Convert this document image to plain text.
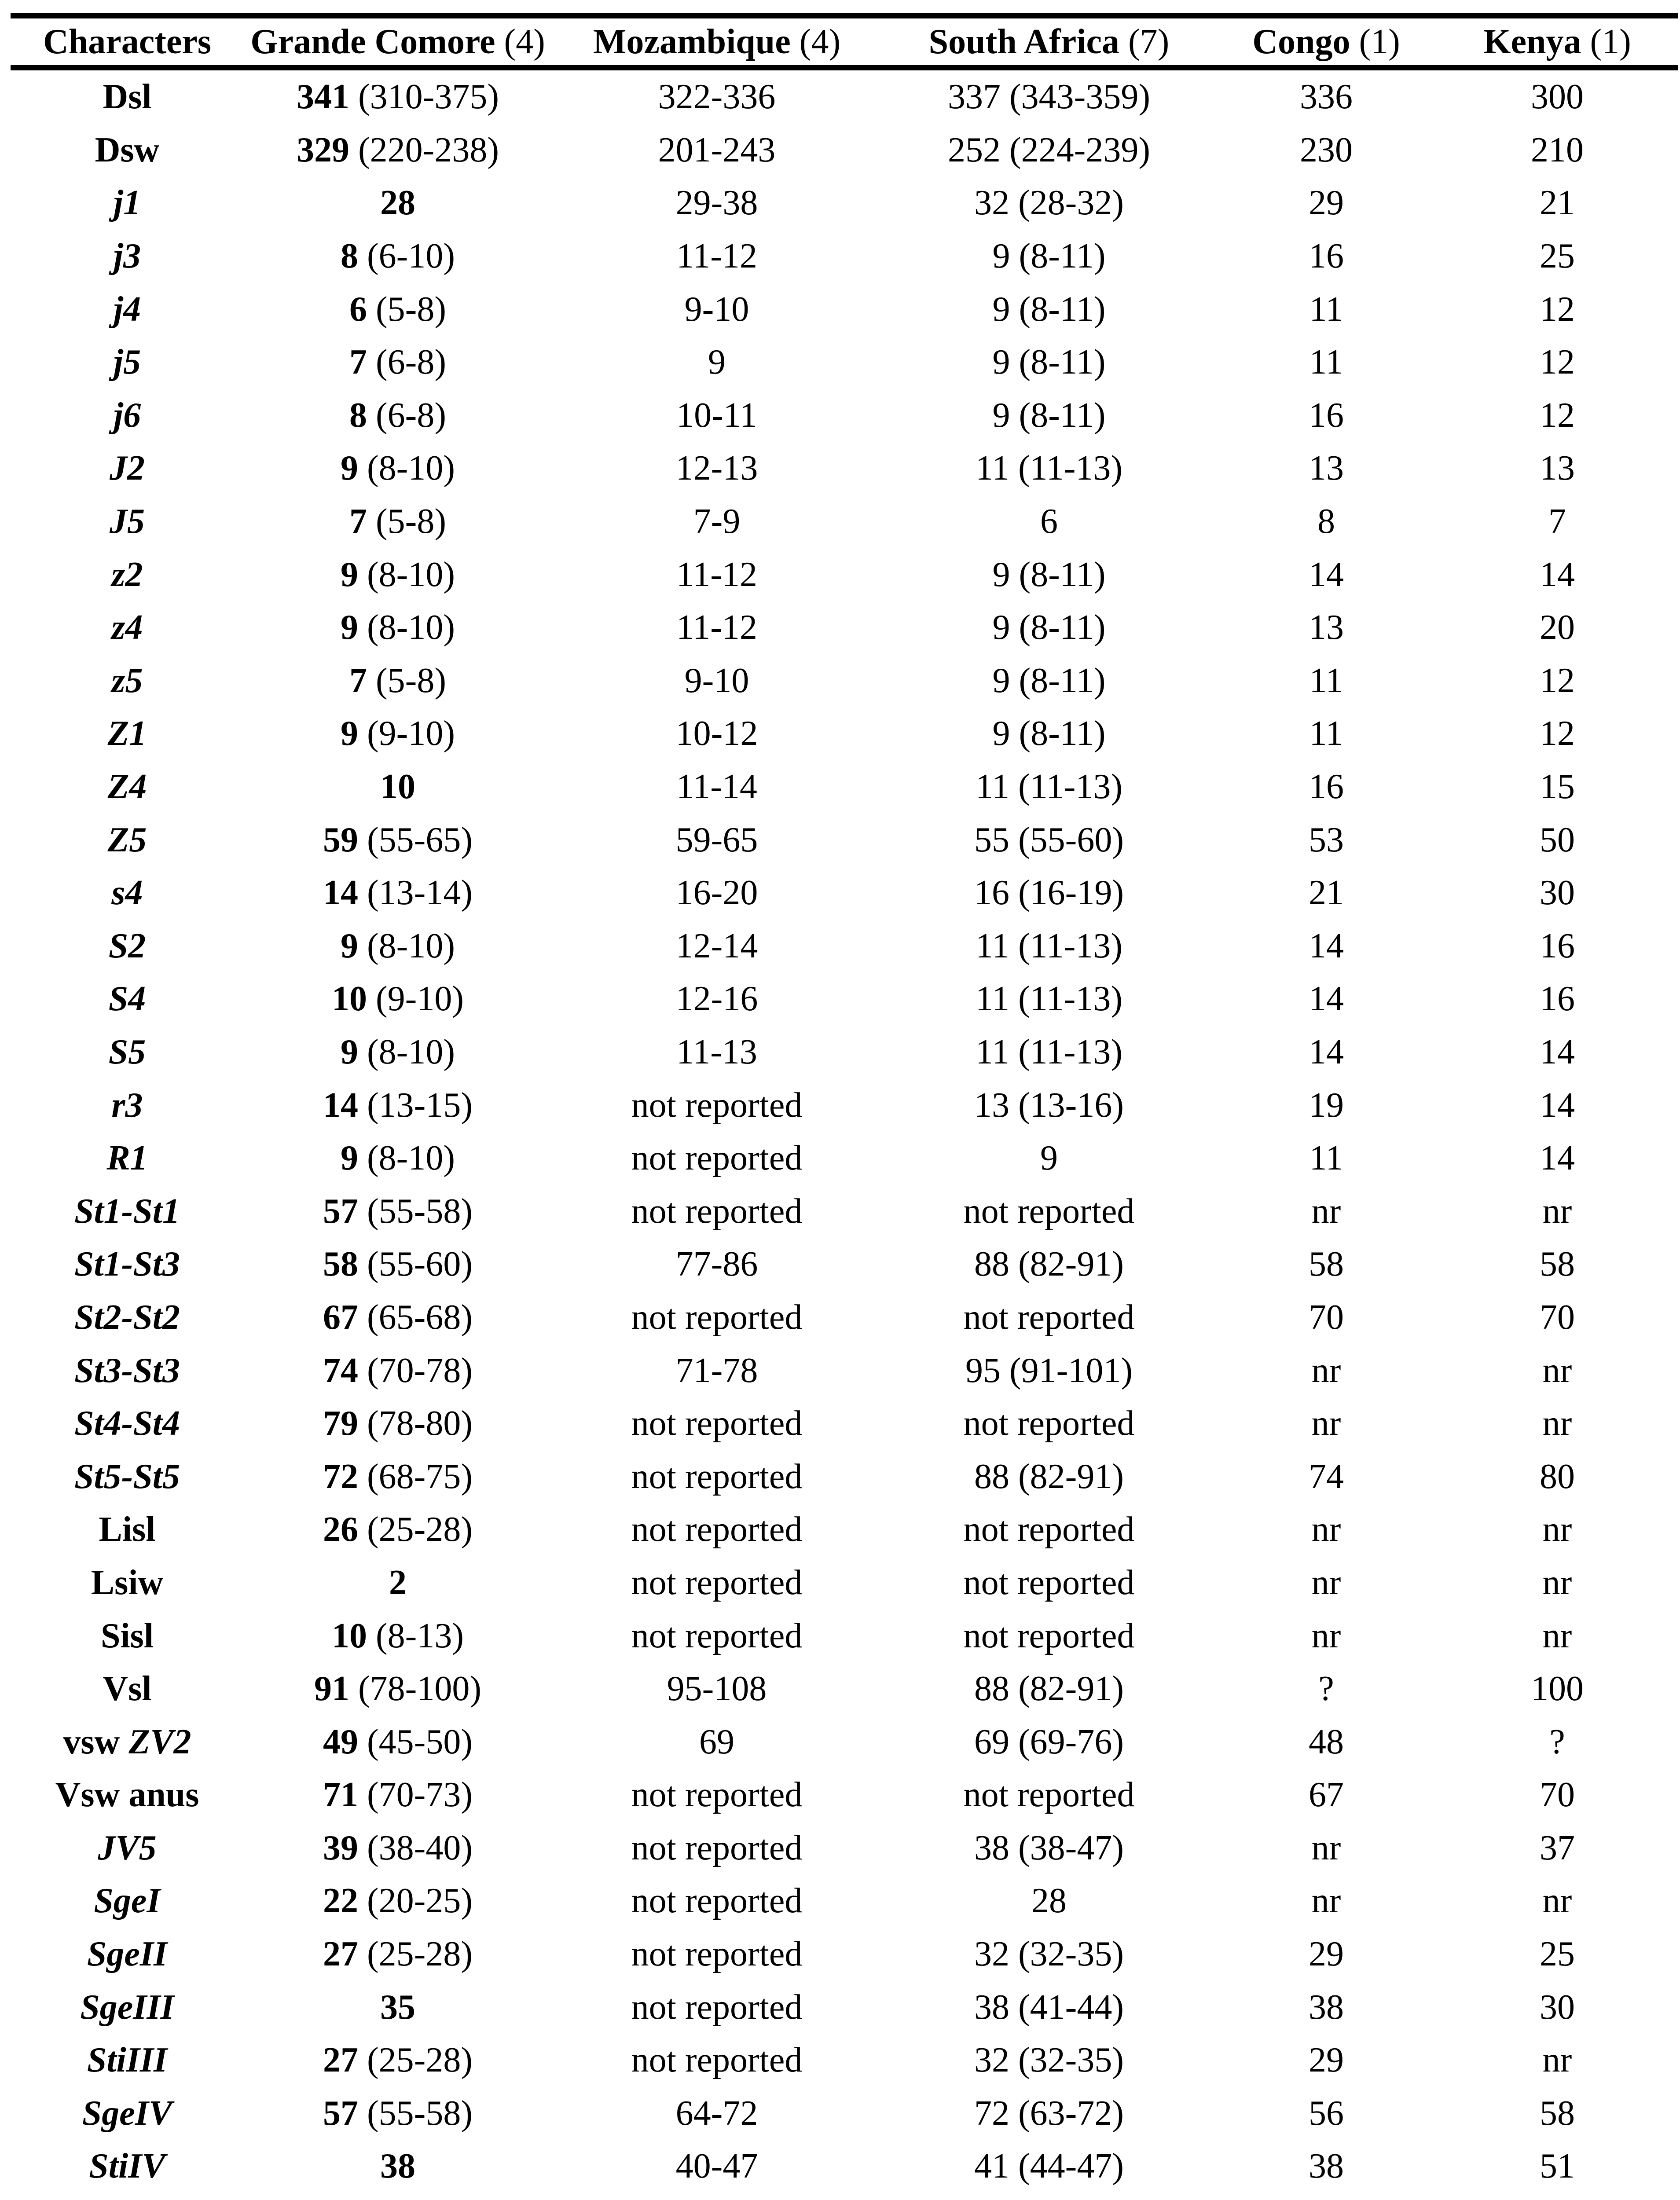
Characters	Grande Comore (4)	Mozambique (4)	South Africa (7)	Congo (1)	Kenya (1)
Dsl	341 (310-375)	322-336	337 (343-359)	336	300
Dsw	329 (220-238)	201-243	252 (224-239)	230	210
j1	28	29-38	32 (28-32)	29	21
j3	8 (6-10)	11-12	9 (8-11)	16	25
j4	6 (5-8)	9-10	9 (8-11)	11	12
j5	7 (6-8)	9	9 (8-11)	11	12
j6	8 (6-8)	10-11	9 (8-11)	16	12
J2	9 (8-10)	12-13	11 (11-13)	13	13
J5	7 (5-8)	7-9	6	8	7
z2	9 (8-10)	11-12	9 (8-11)	14	14
z4	9 (8-10)	11-12	9 (8-11)	13	20
z5	7 (5-8)	9-10	9 (8-11)	11	12
Z1	9 (9-10)	10-12	9 (8-11)	11	12
Z4	10	11-14	11 (11-13)	16	15
Z5	59 (55-65)	59-65	55 (55-60)	53	50
s4	14 (13-14)	16-20	16 (16-19)	21	30
S2	9 (8-10)	12-14	11 (11-13)	14	16
S4	10 (9-10)	12-16	11 (11-13)	14	16
S5	9 (8-10)	11-13	11 (11-13)	14	14
r3	14 (13-15)	not reported	13 (13-16)	19	14
R1	9 (8-10)	not reported	9	11	14
St1-St1	57 (55-58)	not reported	not reported	nr	nr
St1-St3	58 (55-60)	77-86	88 (82-91)	58	58
St2-St2	67 (65-68)	not reported	not reported	70	70
St3-St3	74 (70-78)	71-78	95 (91-101)	nr	nr
St4-St4	79 (78-80)	not reported	not reported	nr	nr
St5-St5	72 (68-75)	not reported	88 (82-91)	74	80
Lisl	26 (25-28)	not reported	not reported	nr	nr
Lsiw	2	not reported	not reported	nr	nr
Sisl	10 (8-13)	not reported	not reported	nr	nr
Vsl	91 (78-100)	95-108	88 (82-91)	?	100
vsw ZV2	49 (45-50)	69	69 (69-76)	48	?
Vsw anus	71 (70-73)	not reported	not reported	67	70
JV5	39 (38-40)	not reported	38 (38-47)	nr	37
SgeI	22 (20-25)	not reported	28	nr	nr
SgeII	27 (25-28)	not reported	32 (32-35)	29	25
SgeIII	35	not reported	38 (41-44)	38	30
StiIII	27 (25-28)	not reported	32 (32-35)	29	nr
SgeIV	57 (55-58)	64-72	72 (63-72)	56	58
StiIV	38	40-47	41 (44-47)	38	51
